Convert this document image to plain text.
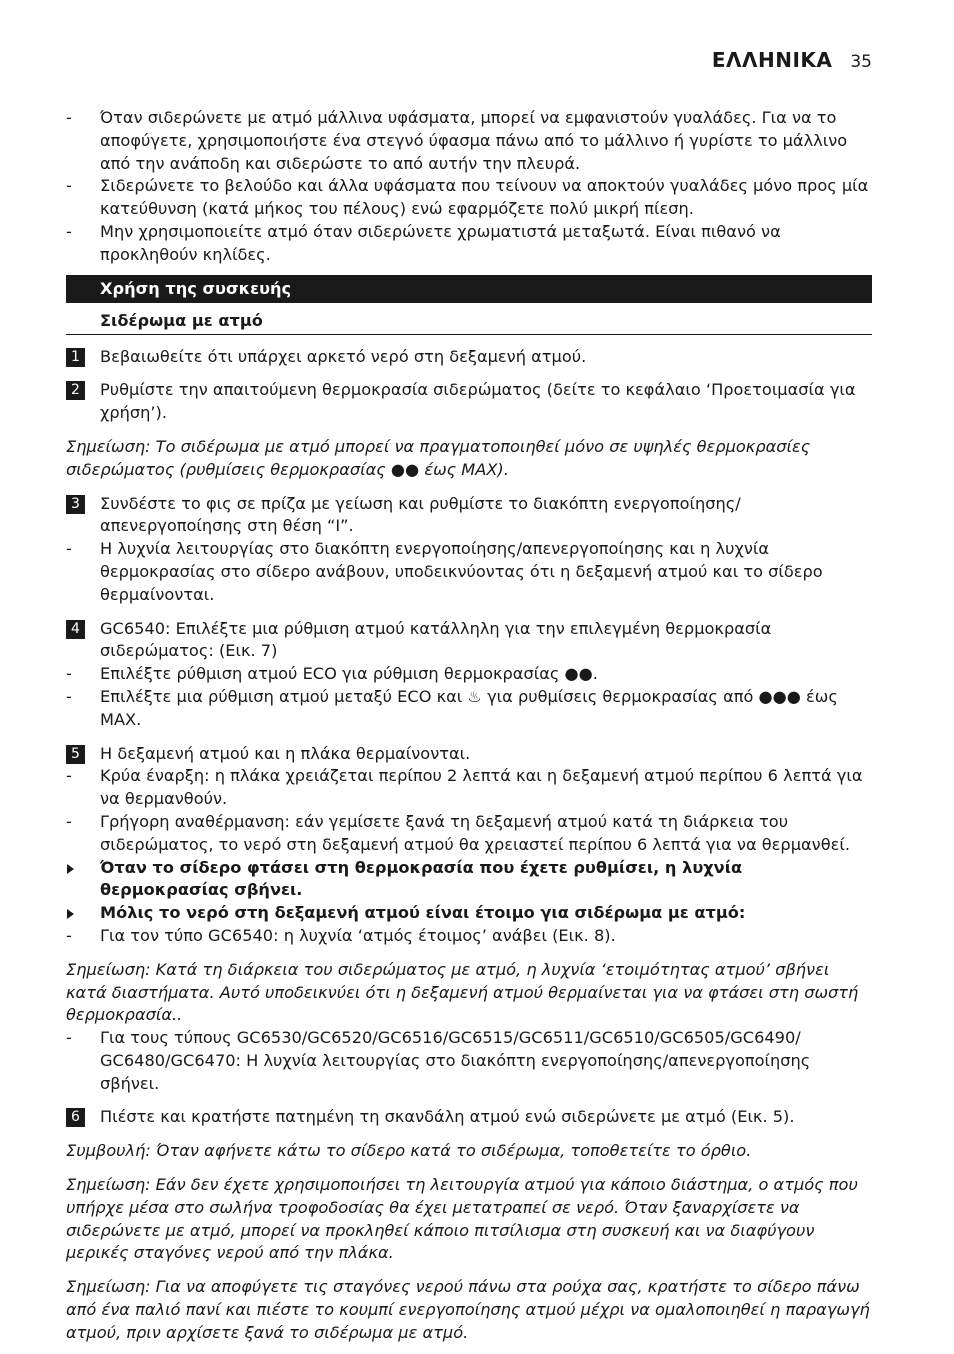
ΕΛΛΗΝΙΚΑ 35
-	Όταν σιδερώνετε με ατμό μάλλινα υφάσματα, μπορεί να εμφανιστούν γυαλάδες. Για να το αποφύγετε, χρησιμοποιήστε ένα στεγνό ύφασμα πάνω από το μάλλινο ή γυρίστε το μάλλινο από την ανάποδη και σιδερώστε το από αυτήν την πλευρά.
-	Σιδερώνετε το βελούδο και άλλα υφάσματα που τείνουν να αποκτούν γυαλάδες μόνο προς μία κατεύθυνση (κατά μήκος του πέλους) ενώ εφαρμόζετε πολύ μικρή πίεση.
-	Μην χρησιμοποιείτε ατμό όταν σιδερώνετε χρωματιστά μεταξωτά. Είναι πιθανό να προκληθούν κηλίδες.
Χρήση της συσκευής
Σιδέρωμα με ατμό
1	Βεβαιωθείτε ότι υπάρχει αρκετό νερό στη δεξαμενή ατμού.
2	Ρυθμίστε την απαιτούμενη θερμοκρασία σιδερώματος (δείτε το κεφάλαιο ‘Προετοιμασία για χρήση’).
Σημείωση: Το σιδέρωμα με ατμό μπορεί να πραγματοποιηθεί μόνο σε υψηλές θερμοκρασίες σιδερώματος (ρυθμίσεις θερμοκρασίας ●● έως MAX).
3	Συνδέστε το φις σε πρίζα με γείωση και ρυθμίστε το διακόπτη ενεργοποίησης/ απενεργοποίησης στη θέση “I”.
-	Η λυχνία λειτουργίας στο διακόπτη ενεργοποίησης/απενεργοποίησης και η λυχνία θερμοκρασίας στο σίδερο ανάβουν, υποδεικνύοντας ότι η δεξαμενή ατμού και το σίδερο θερμαίνονται.
4	GC6540: Επιλέξτε μια ρύθμιση ατμού κατάλληλη για την επιλεγμένη θερμοκρασία σιδερώματος: (Εικ. 7)
-	Επιλέξτε ρύθμιση ατμού ECO για ρύθμιση θερμοκρασίας ●●.
-	Επιλέξτε μια ρύθμιση ατμού μεταξύ ECO και ♨ για ρυθμίσεις θερμοκρασίας από ●●● έως MAX.
5	Η δεξαμενή ατμού και η πλάκα θερμαίνονται.
-	Κρύα έναρξη: η πλάκα χρειάζεται περίπου 2 λεπτά και η δεξαμενή ατμού περίπου 6 λεπτά για να θερμανθούν.
-	Γρήγορη αναθέρμανση: εάν γεμίσετε ξανά τη δεξαμενή ατμού κατά τη διάρκεια του σιδερώματος, το νερό στη δεξαμενή ατμού θα χρειαστεί περίπου 6 λεπτά για να θερμανθεί.
Όταν το σίδερο φτάσει στη θερμοκρασία που έχετε ρυθμίσει, η λυχνία θερμοκρασίας σβήνει.
Μόλις το νερό στη δεξαμενή ατμού είναι έτοιμο για σιδέρωμα με ατμό:
-	Για τον τύπο GC6540: η λυχνία ‘ατμός έτοιμος’ ανάβει (Εικ. 8).
Σημείωση: Κατά τη διάρκεια του σιδερώματος με ατμό, η λυχνία ‘ετοιμότητας ατμού’ σβήνει κατά διαστήματα. Αυτό υποδεικνύει ότι η δεξαμενή ατμού θερμαίνεται για να φτάσει στη σωστή θερμοκρασία..
-	Για τους τύπους GC6530/GC6520/GC6516/GC6515/GC6511/GC6510/GC6505/GC6490/ GC6480/GC6470: Η λυχνία λειτουργίας στο διακόπτη ενεργοποίησης/απενεργοποίησης σβήνει.
6	Πιέστε και κρατήστε πατημένη τη σκανδάλη ατμού ενώ σιδερώνετε με ατμό (Εικ. 5).
Συμβουλή: Όταν αφήνετε κάτω το σίδερο κατά το σιδέρωμα, τοποθετείτε το όρθιο.
Σημείωση: Εάν δεν έχετε χρησιμοποιήσει τη λειτουργία ατμού για κάποιο διάστημα, ο ατμός που υπήρχε μέσα στο σωλήνα τροφοδοσίας θα έχει μετατραπεί σε νερό. Όταν ξαναρχίσετε να σιδερώνετε με ατμό, μπορεί να προκληθεί κάποιο πιτσίλισμα στη συσκευή και να διαφύγουν μερικές σταγόνες νερού από την πλάκα.
Σημείωση: Για να αποφύγετε τις σταγόνες νερού πάνω στα ρούχα σας, κρατήστε το σίδερο πάνω από ένα παλιό πανί και πιέστε το κουμπί ενεργοποίησης ατμού μέχρι να ομαλοποιηθεί η παραγωγή ατμού, πριν αρχίσετε ξανά το σιδέρωμα με ατμό.
